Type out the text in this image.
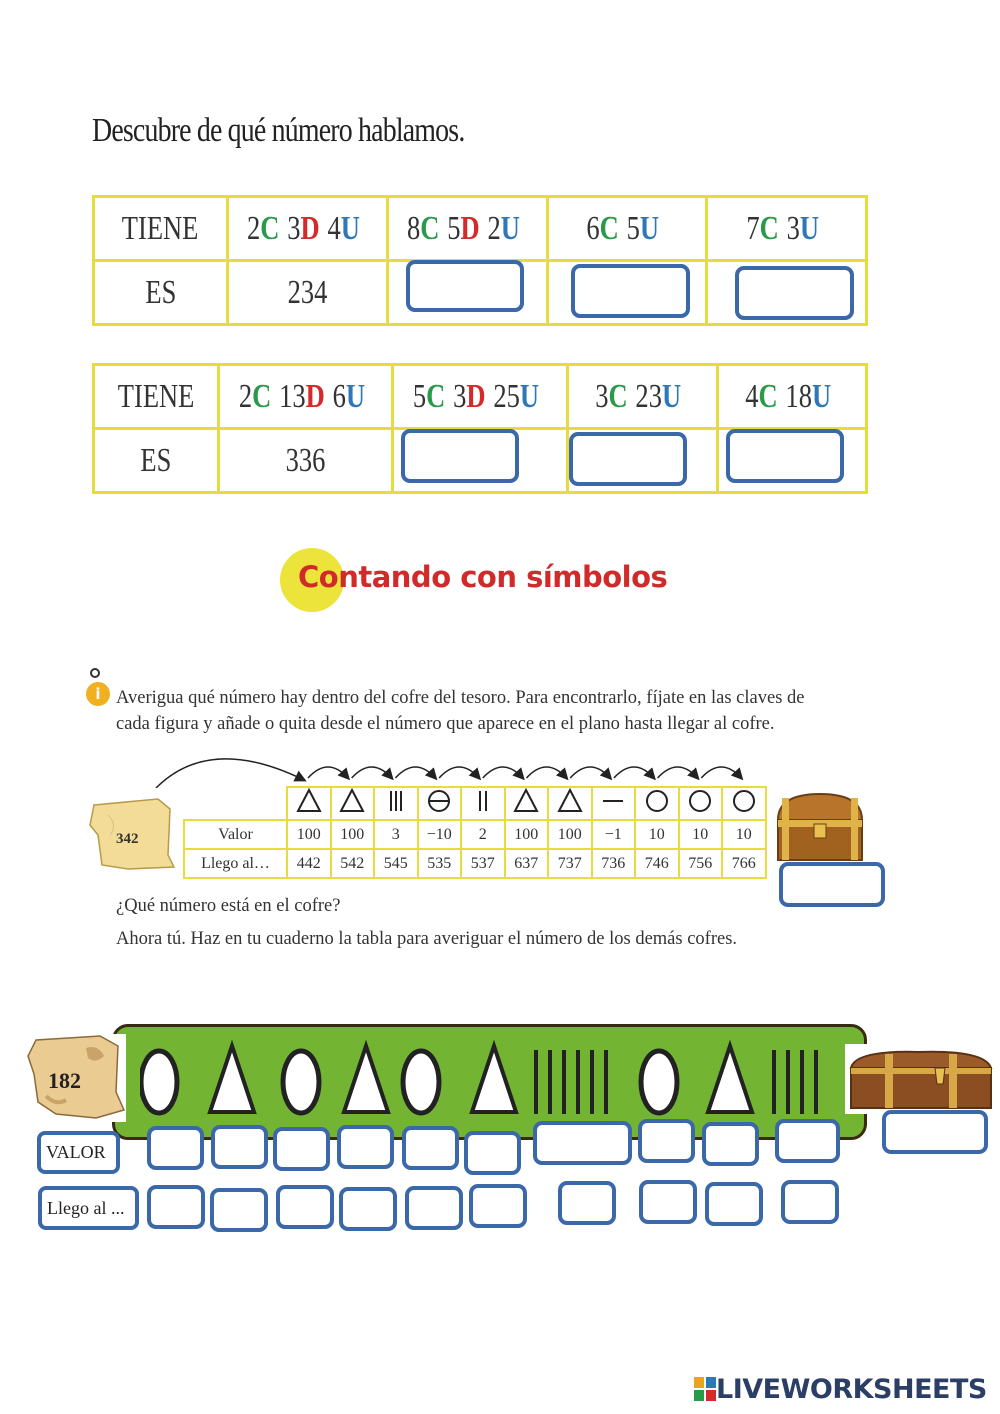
Descubre de qué número hablamos.
TIENE	2C 3D 4U	8C 5D 2U	6C 5U	7C 3U
ES	234			
TIENE	2C 13D 6U	5C 3D 25U	3C 23U	4C 18U
ES	336			
Contando con símbolos
i Averigua qué número hay dentro del cofre del tesoro. Para encontrarlo, fíjate en las claves de
cada figura y añade o quita desde el número que aparece en el plano hasta llegar al cofre.
342
												Valor	100	100	3	−10	2	100	100	−1	10	10	10
Llego al…	442	542	545	535	537	637	737	736	746	756	766
¿Qué número está en el cofre?
Ahora tú. Haz en tu cuaderno la tabla para averiguar el número de los demás cofres.
182
VALOR
Llego al ...
LIVEWORKSHEETS
